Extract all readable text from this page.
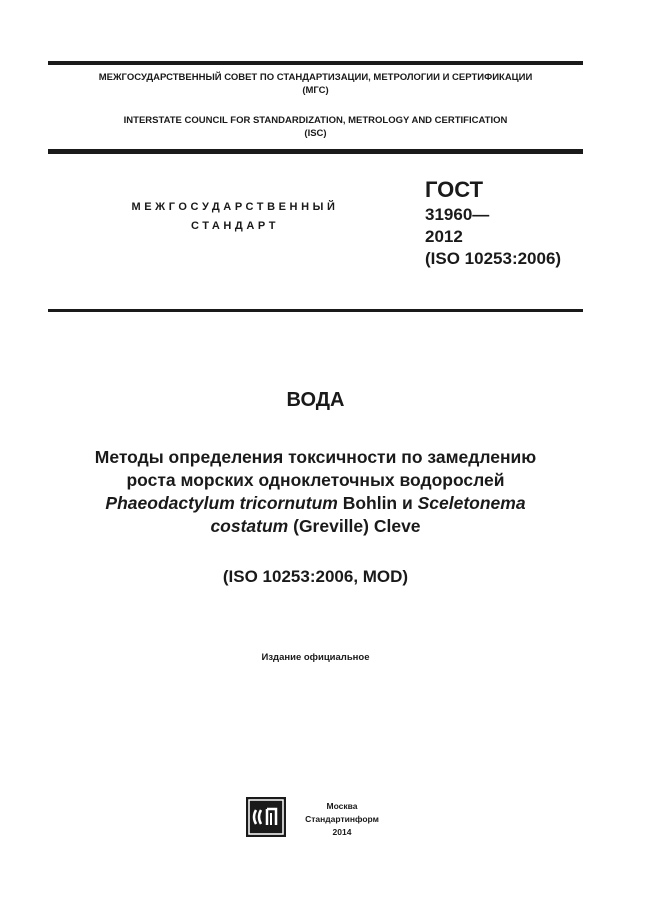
МЕЖГОСУДАРСТВЕННЫЙ СОВЕТ ПО СТАНДАРТИЗАЦИИ, МЕТРОЛОГИИ И СЕРТИФИКАЦИИ
(МГС)
INTERSTATE COUNCIL FOR STANDARDIZATION, METROLOGY AND CERTIFICATION
(ISC)
МЕЖГОСУДАРСТВЕННЫЙ
СТАНДАРТ
ГОСТ
31960—
2012
(ISO 10253:2006)
ВОДА
Методы определения токсичности по замедлению
роста морских одноклеточных водорослей
Phaeodactylum tricornutum Bohlin и Sceletonema
costatum (Greville) Cleve
(ISO 10253:2006, MOD)
Издание официальное
Москва
Стандартинформ
2014
